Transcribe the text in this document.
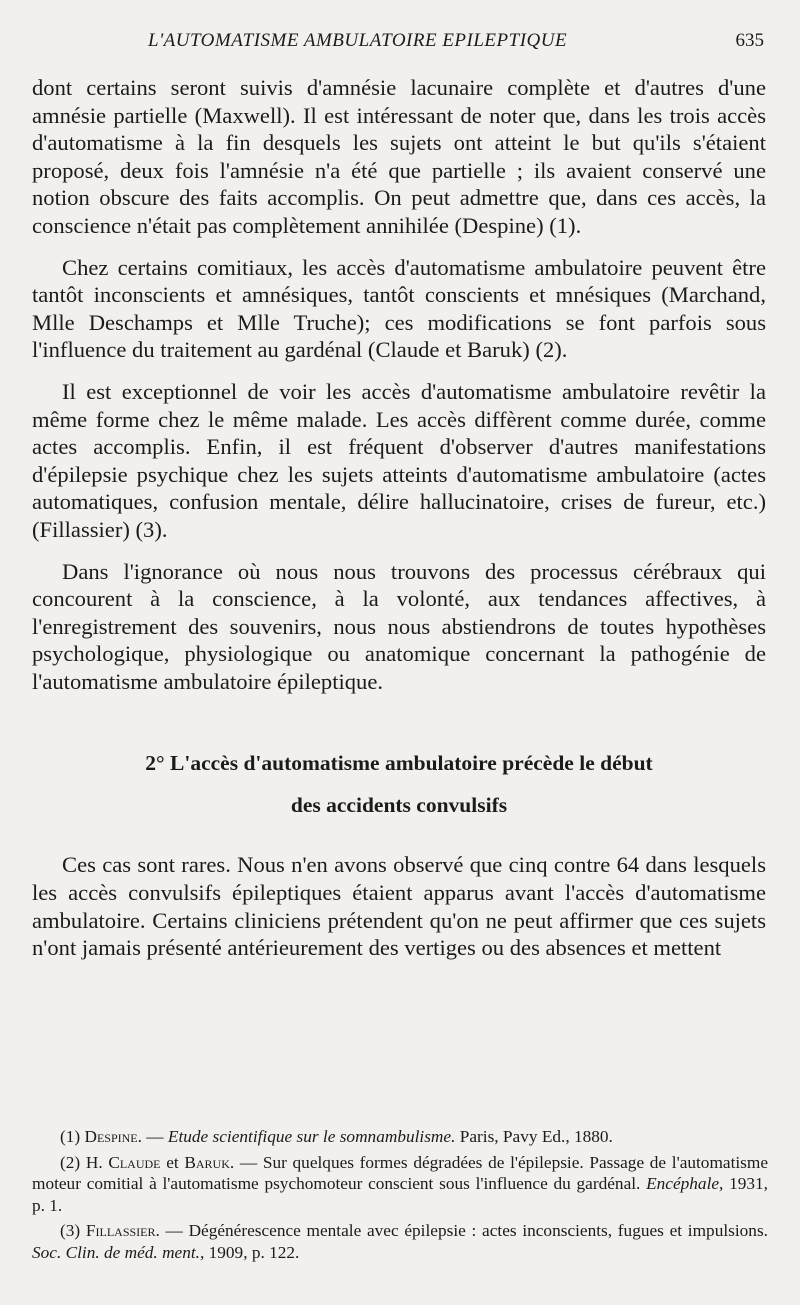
L'AUTOMATISME AMBULATOIRE EPILEPTIQUE	635

dont certains seront suivis d'amnésie lacunaire complète et d'autres d'une amnésie partielle (Maxwell). Il est intéressant de noter que, dans les trois accès d'automatisme à la fin desquels les sujets ont atteint le but qu'ils s'étaient proposé, deux fois l'amnésie n'a été que partielle ; ils avaient conservé une notion obscure des faits accomplis. On peut admettre que, dans ces accès, la conscience n'était pas complètement annihilée (Despine) (1).

Chez certains comitiaux, les accès d'automatisme ambulatoire peuvent être tantôt inconscients et amnésiques, tantôt conscients et mnésiques (Marchand, Mlle Deschamps et Mlle Truche); ces modifications se font parfois sous l'influence du traitement au gardénal (Claude et Baruk) (2).

Il est exceptionnel de voir les accès d'automatisme ambulatoire revêtir la même forme chez le même malade. Les accès diffèrent comme durée, comme actes accomplis. Enfin, il est fréquent d'observer d'autres manifestations d'épilepsie psychique chez les sujets atteints d'automatisme ambulatoire (actes automatiques, confusion mentale, délire hallucinatoire, crises de fureur, etc.) (Fillassier) (3).

Dans l'ignorance où nous nous trouvons des processus cérébraux qui concourent à la conscience, à la volonté, aux tendances affectives, à l'enregistrement des souvenirs, nous nous abstiendrons de toutes hypothèses psychologique, physiologique ou anatomique concernant la pathogénie de l'automatisme ambulatoire épileptique.

2° L'accès d'automatisme ambulatoire précède le début
des accidents convulsifs

Ces cas sont rares. Nous n'en avons observé que cinq contre 64 dans lesquels les accès convulsifs épileptiques étaient apparus avant l'accès d'automatisme ambulatoire. Certains cliniciens prétendent qu'on ne peut affirmer que ces sujets n'ont jamais présenté antérieurement des vertiges ou des absences et mettent

(1) Despine. — Etude scientifique sur le somnambulisme. Paris, Pavy Ed., 1880.

(2) H. Claude et Baruk. — Sur quelques formes dégradées de l'épilepsie. Passage de l'automatisme moteur comitial à l'automatisme psychomoteur conscient sous l'influence du gardénal. Encéphale, 1931, p. 1.

(3) Fillassier. — Dégénérescence mentale avec épilepsie : actes inconscients, fugues et impulsions. Soc. Clin. de méd. ment., 1909, p. 122.
